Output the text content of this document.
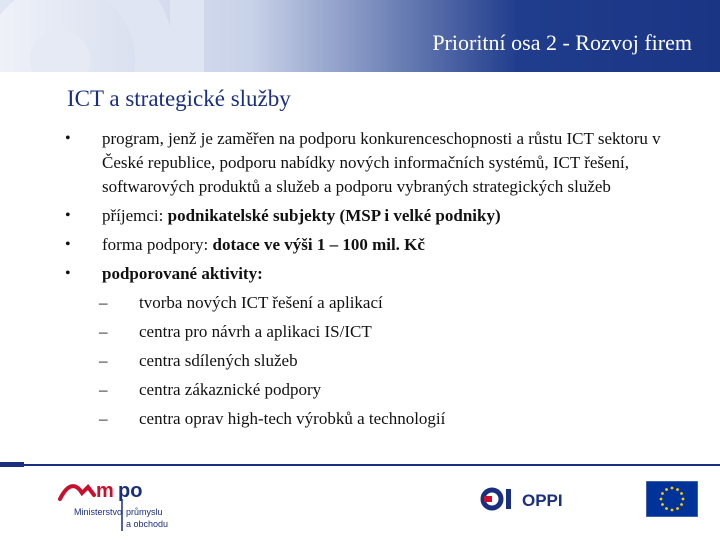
Prioritní osa 2 - Rozvoj firem
ICT a strategické služby
• program, jenž je zaměřen na podporu konkurenceschopnosti a růstu ICT sektoru v České republice, podporu nabídky nových informačních systémů, ICT řešení, softwarových produktů a služeb a podporu vybraných strategických služeb
• příjemci: podnikatelské subjekty (MSP i velké podniky)
• forma podpory: dotace ve výši 1 – 100 mil. Kč
• podporované aktivity:
– tvorba nových ICT řešení a aplikací
– centra pro návrh a aplikaci IS/ICT
– centra sdílených služeb
– centra zákaznické podpory
– centra oprav high-tech výrobků a technologií
m po
Ministerstvo průmyslu
a obchodu
OPPI
